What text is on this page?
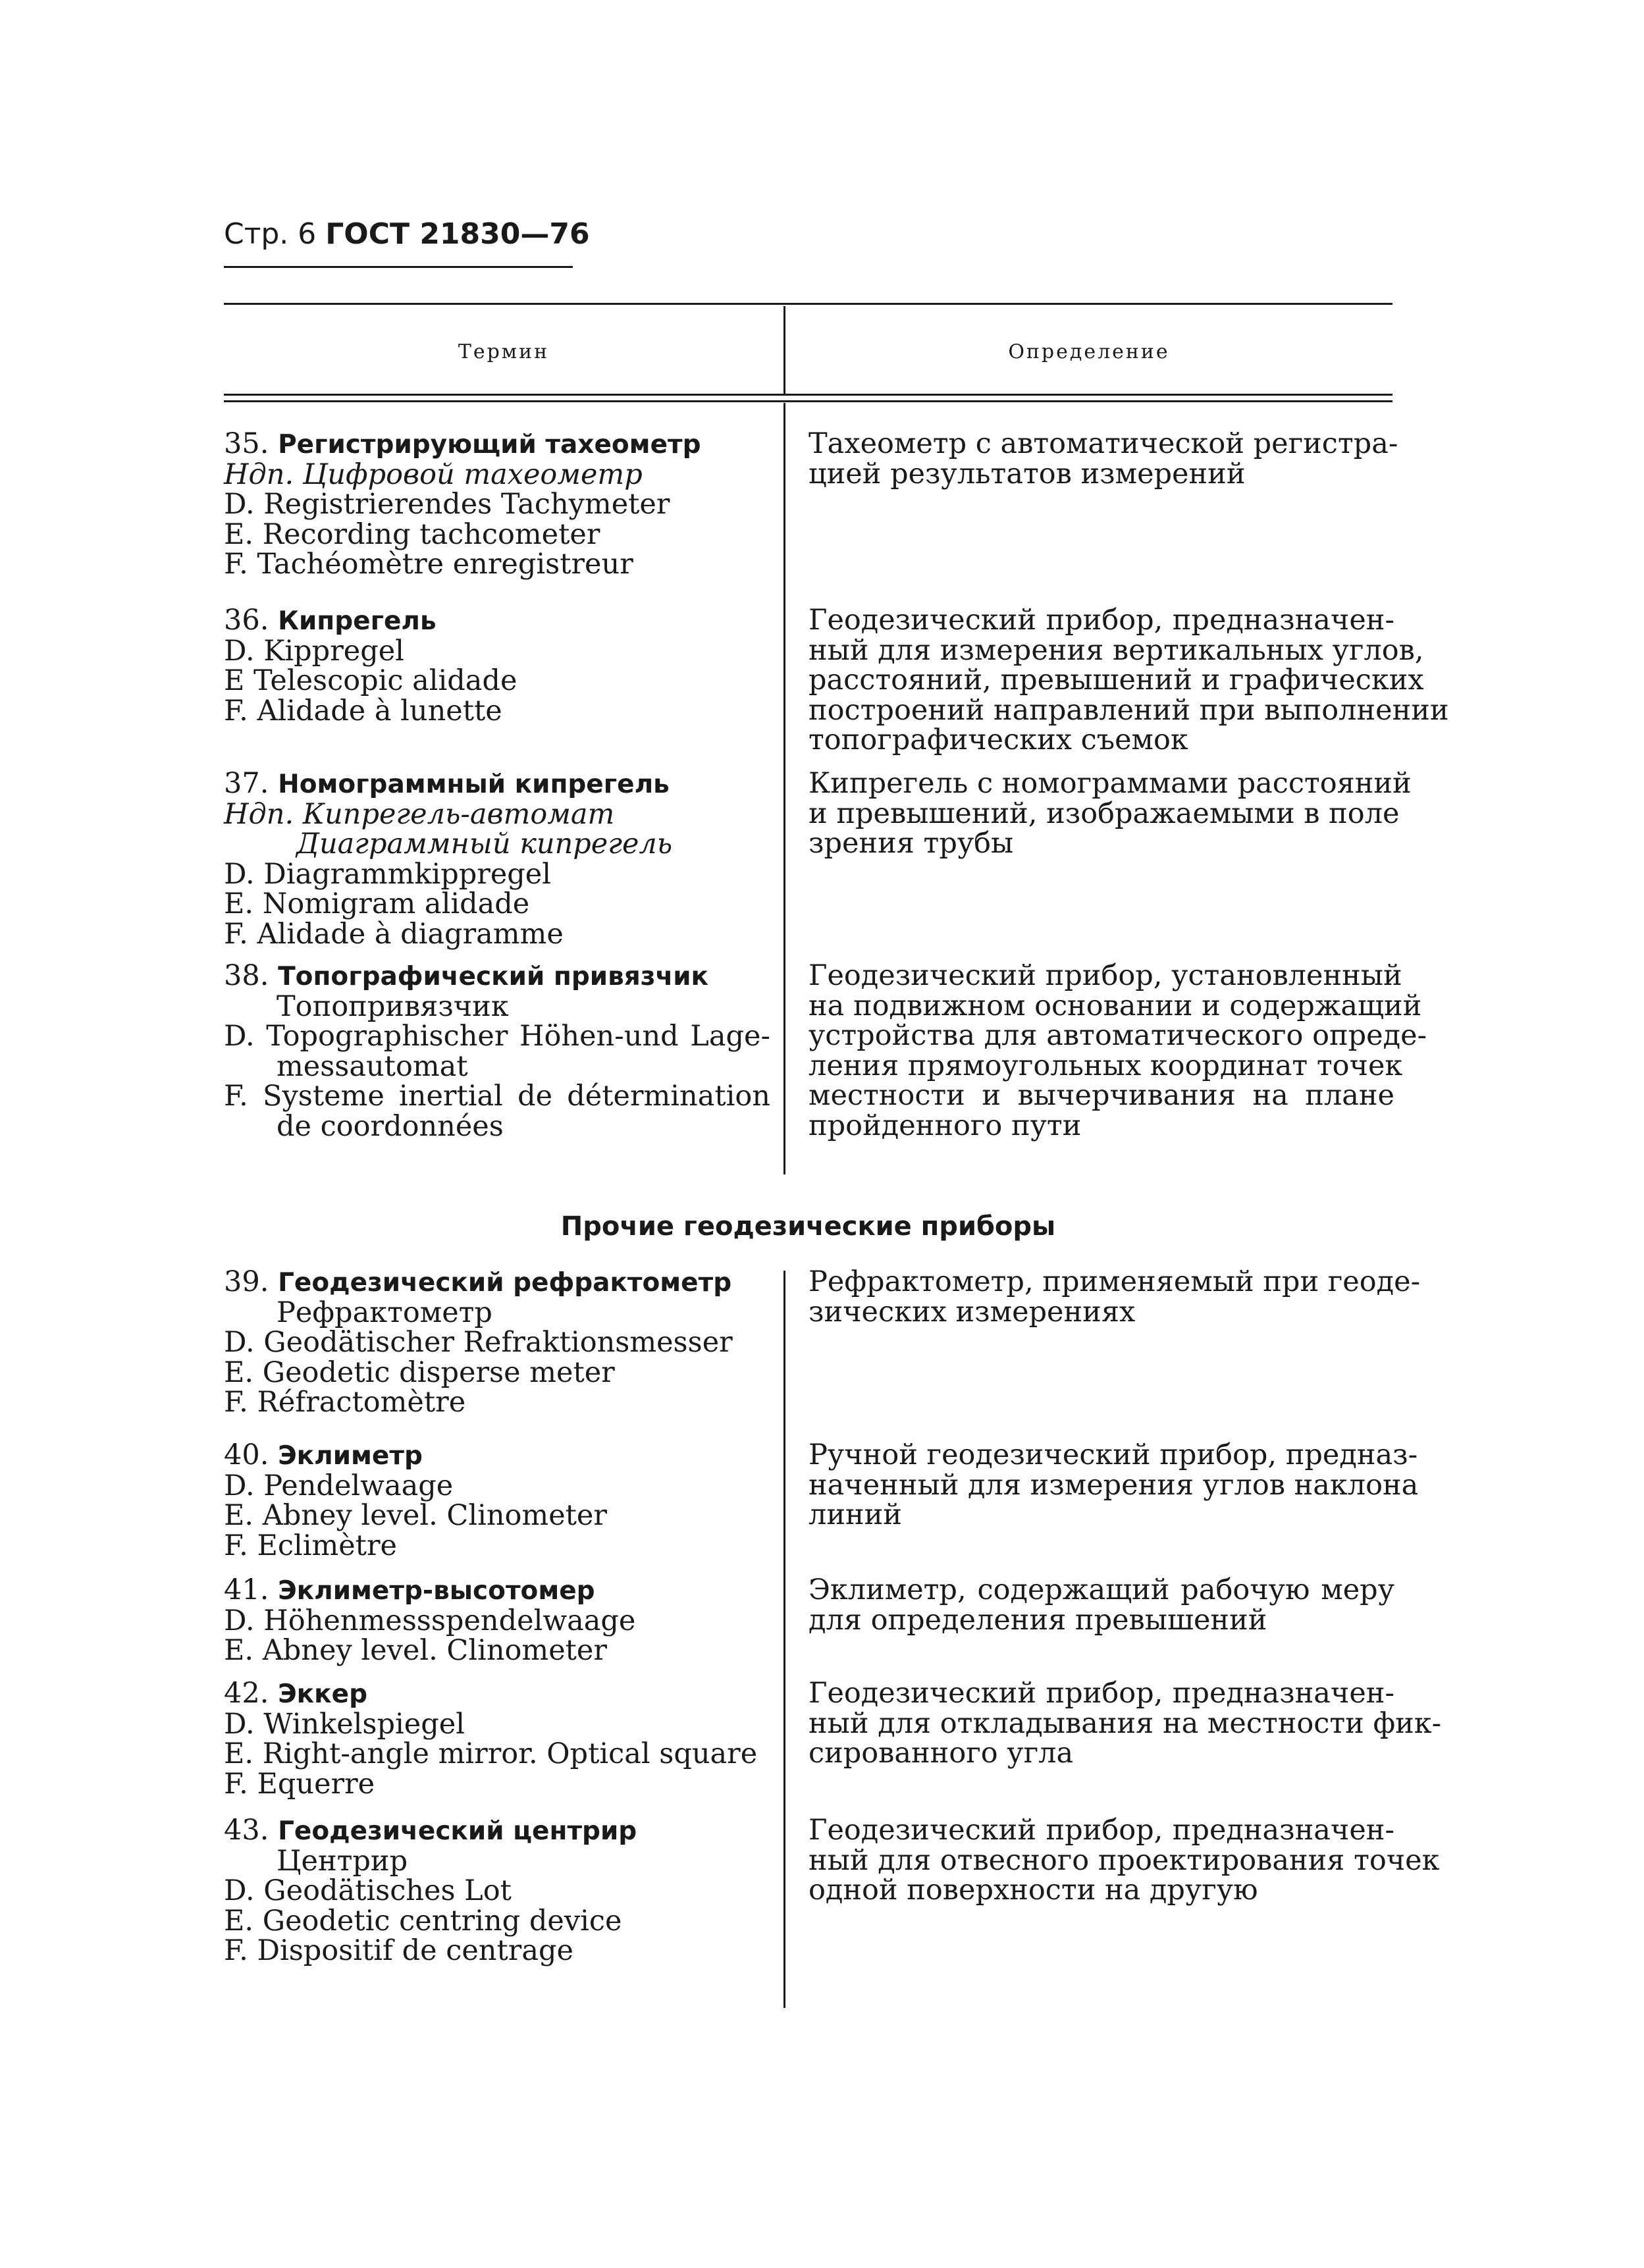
Стр. 6 ГОСТ 21830—76
Термин	Определение
35. Регистрирующий тахеометр
Ндп. Цифровой тахеометр
D. Registrierendes Tachymeter
E. Recording tachcometer
F. Tachéomètre enregistreur
Тахеометр с автоматической регистра-
цией результатов измерений
36. Кипрегель
D. Kippregel
E Telescopic alidade
F. Alidade à lunette
Геодезический прибор, предназначен-
ный для измерения вертикальных углов,
расстояний, превышений и графических
построений направлений при выполнении
топографических съемок
37. Номограммный кипрегель
Ндп. Кипрегель-автомат
Диаграммный кипрегель
D. Diagrammkippregel
E. Nomigram alidade
F. Alidade à diagramme
Кипрегель с номограммами расстояний
и превышений, изображаемыми в поле
зрения трубы
38. Топографический привязчик
Топопривязчик
D. Topographischer Höhen-und Lage-
messautomat
F. Systeme inertial de détermination
de coordonnées
Геодезический прибор, установленный
на подвижном основании и содержащий
устройства для автоматического опреде-
ления прямоугольных координат точек
местности и вычерчивания на плане
пройденного пути
Прочие геодезические приборы
39. Геодезический рефрактометр
Рефрактометр
D. Geodätischer Refraktionsmesser
E. Geodetic disperse meter
F. Réfractomètre
Рефрактометр, применяемый при геоде-
зических измерениях
40. Эклиметр
D. Pendelwaage
E. Abney level. Clinometer
F. Eclimètre
Ручной геодезический прибор, предназ-
наченный для измерения углов наклона
линий
41. Эклиметр-высотомер
D. Höhenmessspendelwaage
E. Abney level. Clinometer
Эклиметр, содержащий рабочую меру
для определения превышений
42. Эккер
D. Winkelspiegel
E. Right-angle mirror. Optical square
F. Equerre
Геодезический прибор, предназначен-
ный для откладывания на местности фик-
сированного угла
43. Геодезический центрир
Центрир
D. Geodätisches Lot
E. Geodetic centring device
F. Dispositif de centrage
Геодезический прибор, предназначен-
ный для отвесного проектирования точек
одной поверхности на другую
